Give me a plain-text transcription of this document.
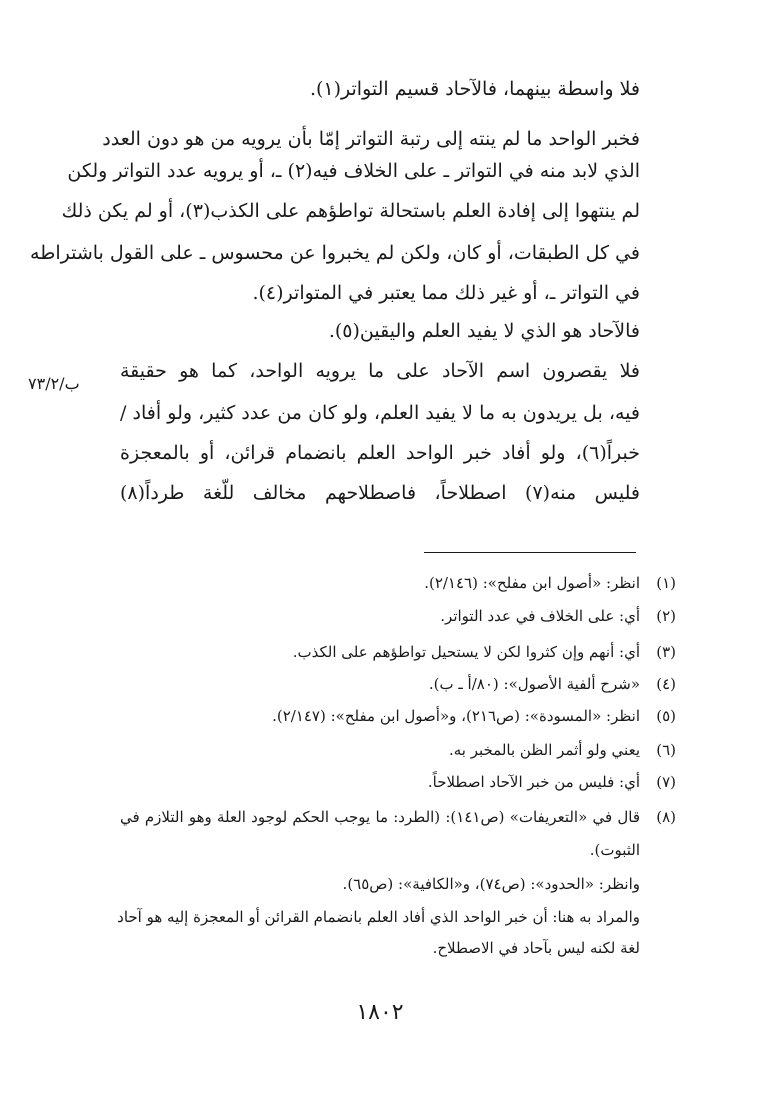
فلا واسطة بينهما، فالآحاد قسيم التواتر(١).
فخبر الواحد ما لم ينته إلى رتبة التواتر إمّا بأن يرويه من هو دون العدد
الذي لابد منه في التواتر ـ على الخلاف فيه(٢) ـ، أو يرويه عدد التواتر ولكن
لم ينتهوا إلى إفادة العلم باستحالة تواطؤهم على الكذب(٣)، أو لم يكن ذلك
في كل الطبقات، أو كان، ولكن لم يخبروا عن محسوس ـ على القول باشتراطه
في التواتر ـ، أو غير ذلك مما يعتبر في المتواتر(٤).
فالآحاد هو الذي لا يفيد العلم واليقين(٥).
فلا يقصرون اسم الآحاد على ما يرويه الواحد، كما هو حقيقة
فيه، بل يريدون به ما لا يفيد العلم، ولو كان من عدد كثير، ولو أفاد /
خبراً(٦)، ولو أفاد خبر الواحد العلم بانضمام قرائن، أو بالمعجزة
فليس منه(٧) اصطلاحاً، فاصطلاحهم مخالف للّغة طرداً(٨)
ب/٧٣/٢
(١)
انظر: «أصول ابن مفلح»: (٢/١٤٦).
(٢)
أي: على الخلاف في عدد التواتر.
(٣)
أي: أنهم وإن كثروا لكن لا يستحيل تواطؤهم على الكذب.
(٤)
«شرح ألفية الأصول»: (٨٠/أ ـ ب).
(٥)
انظر: «المسودة»: (ص٢١٦)، و«أصول ابن مفلح»: (٢/١٤٧).
(٦)
يعني ولو أثمر الظن بالمخبر به.
(٧)
أي: فليس من خبر الآحاد اصطلاحاً.
(٨)
قال في «التعريفات» (ص١٤١): (الطرد: ما يوجب الحكم لوجود العلة وهو التلازم في
الثبوت).
وانظر: «الحدود»: (ص٧٤)، و«الكافية»: (ص٦٥).
والمراد به هنا: أن خبر الواحد الذي أفاد العلم بانضمام القرائن أو المعجزة إليه هو آحاد
لغة لكنه ليس بآحاد في الاصطلاح.
١٨٠٢
